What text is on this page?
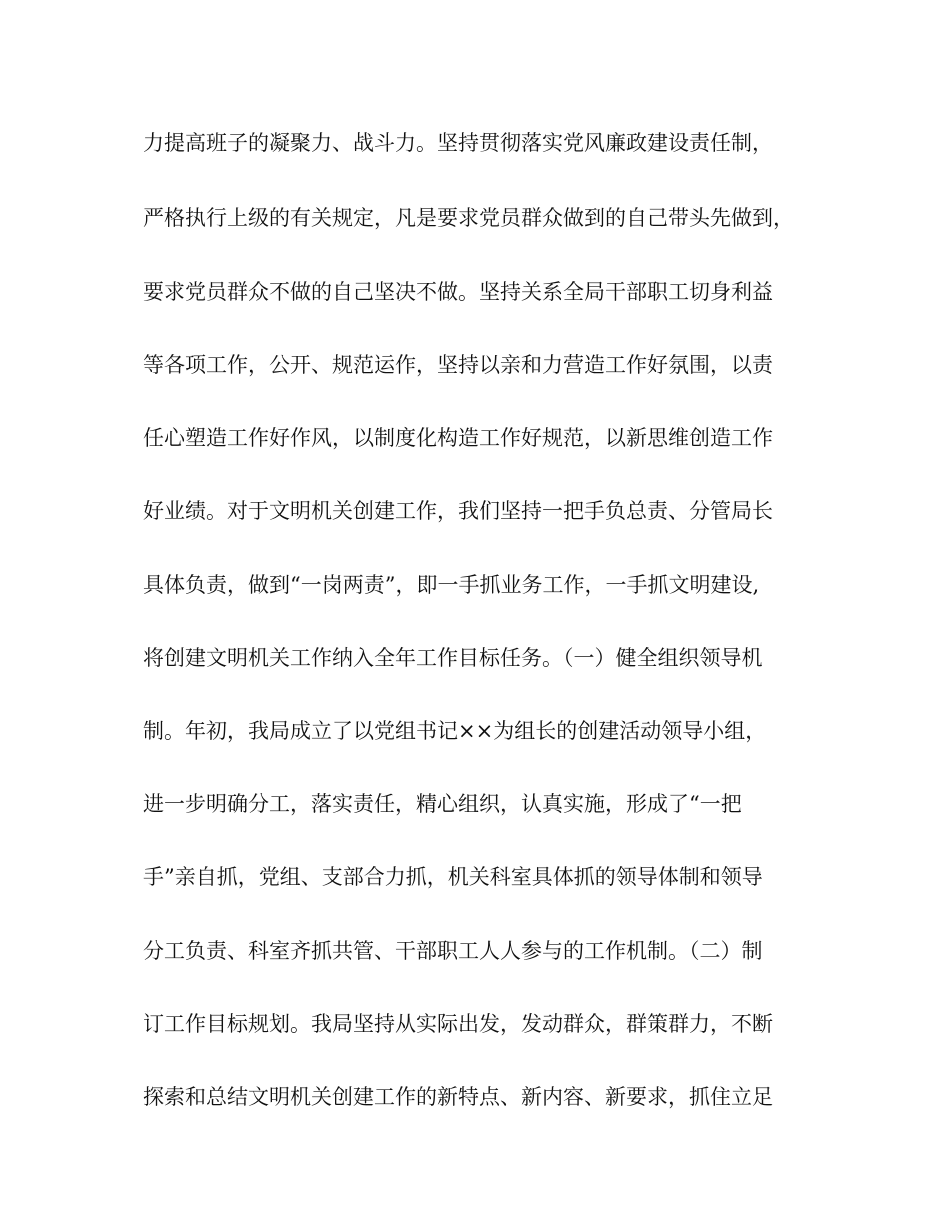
力提高班子的凝聚力、战斗力。坚持贯彻落实党风廉政建设责任制，
严格执行上级的有关规定，凡是要求党员群众做到的自己带头先做到，
要求党员群众不做的自己坚决不做。坚持关系全局干部职工切身利益
等各项工作，公开、规范运作，坚持以亲和力营造工作好氛围，以责
任心塑造工作好作风，以制度化构造工作好规范，以新思维创造工作
好业绩。对于文明机关创建工作，我们坚持一把手负总责、分管局长
具体负责，做到“一岗两责”，即一手抓业务工作，一手抓文明建设,
将创建文明机关工作纳入全年工作目标任务。（一）健全组织领导机
制。年初，我局成立了以党组书记××为组长的创建活动领导小组，
进一步明确分工，落实责任，精心组织，认真实施，形成了“一把
手”亲自抓，党组、支部合力抓，机关科室具体抓的领导体制和领导
分工负责、科室齐抓共管、干部职工人人参与的工作机制。（二）制
订工作目标规划。我局坚持从实际出发，发动群众，群策群力，不断
探索和总结文明机关创建工作的新特点、新内容、新要求，抓住立足
